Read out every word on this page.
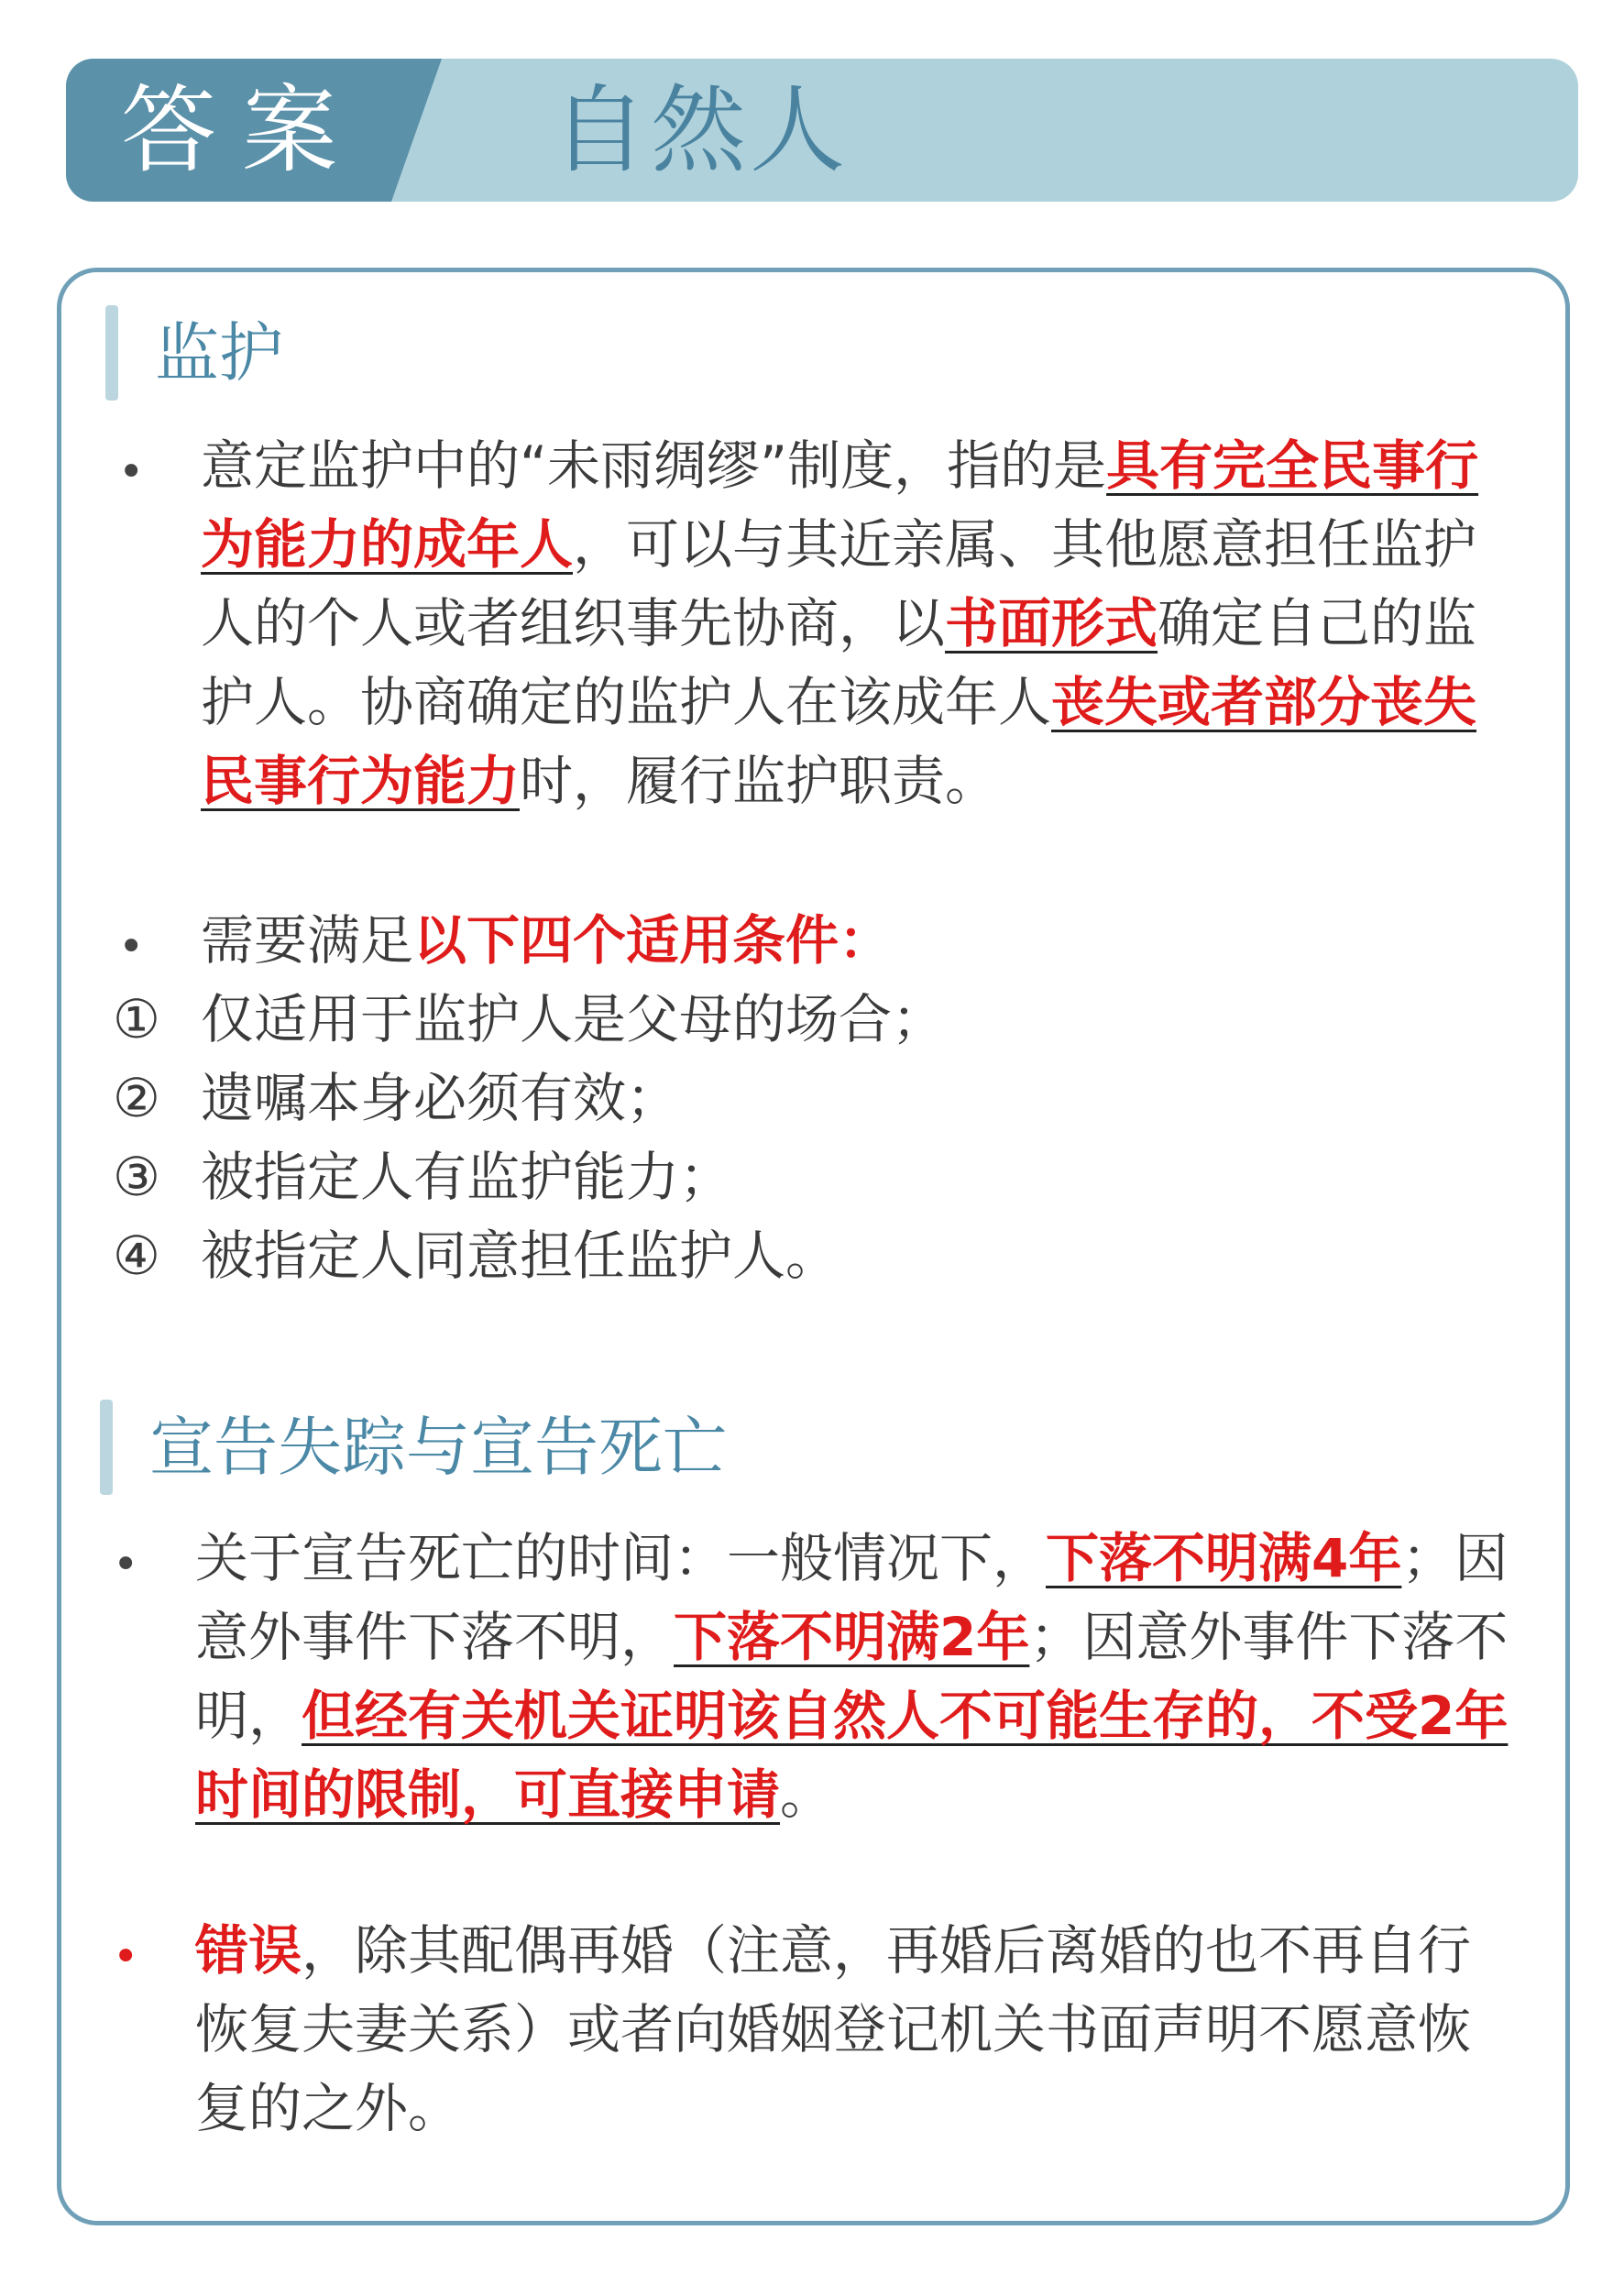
答案 自然人
监护
• 意定监护中的“未雨绸缪”制度，指的是具有完全民事行为能力的成年人，可以与其近亲属、其他愿意担任监护人的个人或者组织事先协商，以书面形式确定自己的监护人。协商确定的监护人在该成年人丧失或者部分丧失民事行为能力时，履行监护职责。
• 需要满足以下四个适用条件：
① 仅适用于监护人是父母的场合；
② 遗嘱本身必须有效；
③ 被指定人有监护能力；
④ 被指定人同意担任监护人。
宣告失踪与宣告死亡
• 关于宣告死亡的时间：一般情况下，下落不明满4年；因意外事件下落不明，下落不明满2年；因意外事件下落不明，但经有关机关证明该自然人不可能生存的，不受2年时间的限制，可直接申请。
• 错误，除其配偶再婚（注意，再婚后离婚的也不再自行恢复夫妻关系）或者向婚姻登记机关书面声明不愿意恢复的之外。
